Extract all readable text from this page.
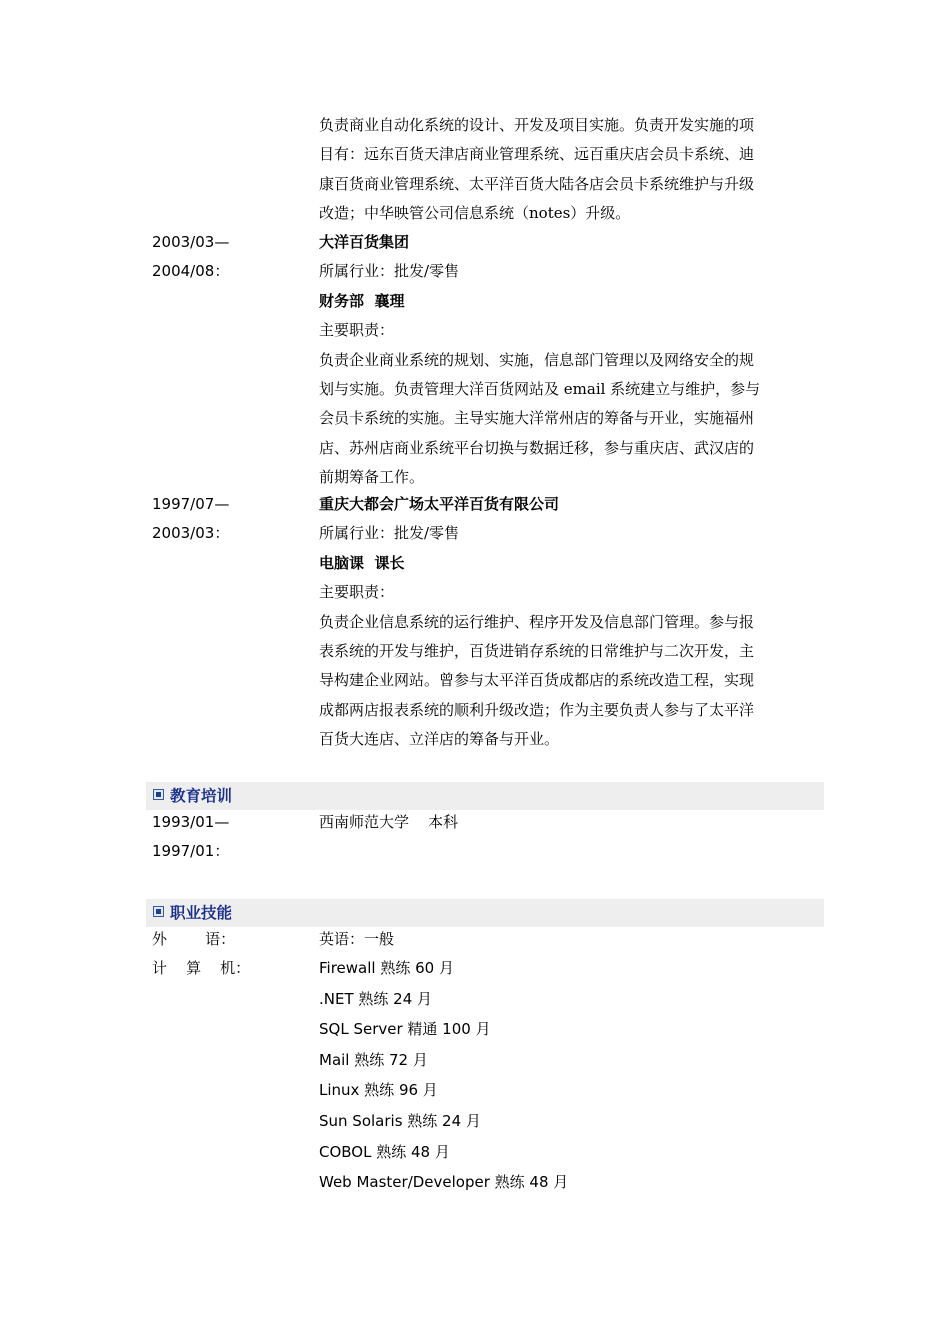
负责商业自动化系统的设计、开发及项目实施。负责开发实施的项
目有：远东百货天津店商业管理系统、远百重庆店会员卡系统、迪
康百货商业管理系统、太平洋百货大陆各店会员卡系统维护与升级
改造；中华映管公司信息系统（notes）升级。
2003/03—
2004/08：
大洋百货集团
所属行业：批发/零售
财务部  襄理
主要职责：
负责企业商业系统的规划、实施，信息部门管理以及网络安全的规
划与实施。负责管理大洋百货网站及 email 系统建立与维护，参与
会员卡系统的实施。主导实施大洋常州店的筹备与开业，实施福州
店、苏州店商业系统平台切换与数据迁移，参与重庆店、武汉店的
前期筹备工作。
1997/07—
2003/03：
重庆大都会广场太平洋百货有限公司
所属行业：批发/零售
电脑课  课长
主要职责：
负责企业信息系统的运行维护、程序开发及信息部门管理。参与报
表系统的开发与维护，百货进销存系统的日常维护与二次开发，主
导构建企业网站。曾参与太平洋百货成都店的系统改造工程，实现
成都两店报表系统的顺利升级改造；作为主要负责人参与了太平洋
百货大连店、立洋店的筹备与开业。
教育培训
1993/01—
1997/01：
西南师范大学    本科
职业技能
外        语：	英语：一般
计    算    机：	Firewall 熟练 60 月
.NET 熟练 24 月
SQL Server 精通 100 月
Mail 熟练 72 月
Linux 熟练 96 月
Sun Solaris 熟练 24 月
COBOL 熟练 48 月
Web Master/Developer 熟练 48 月
